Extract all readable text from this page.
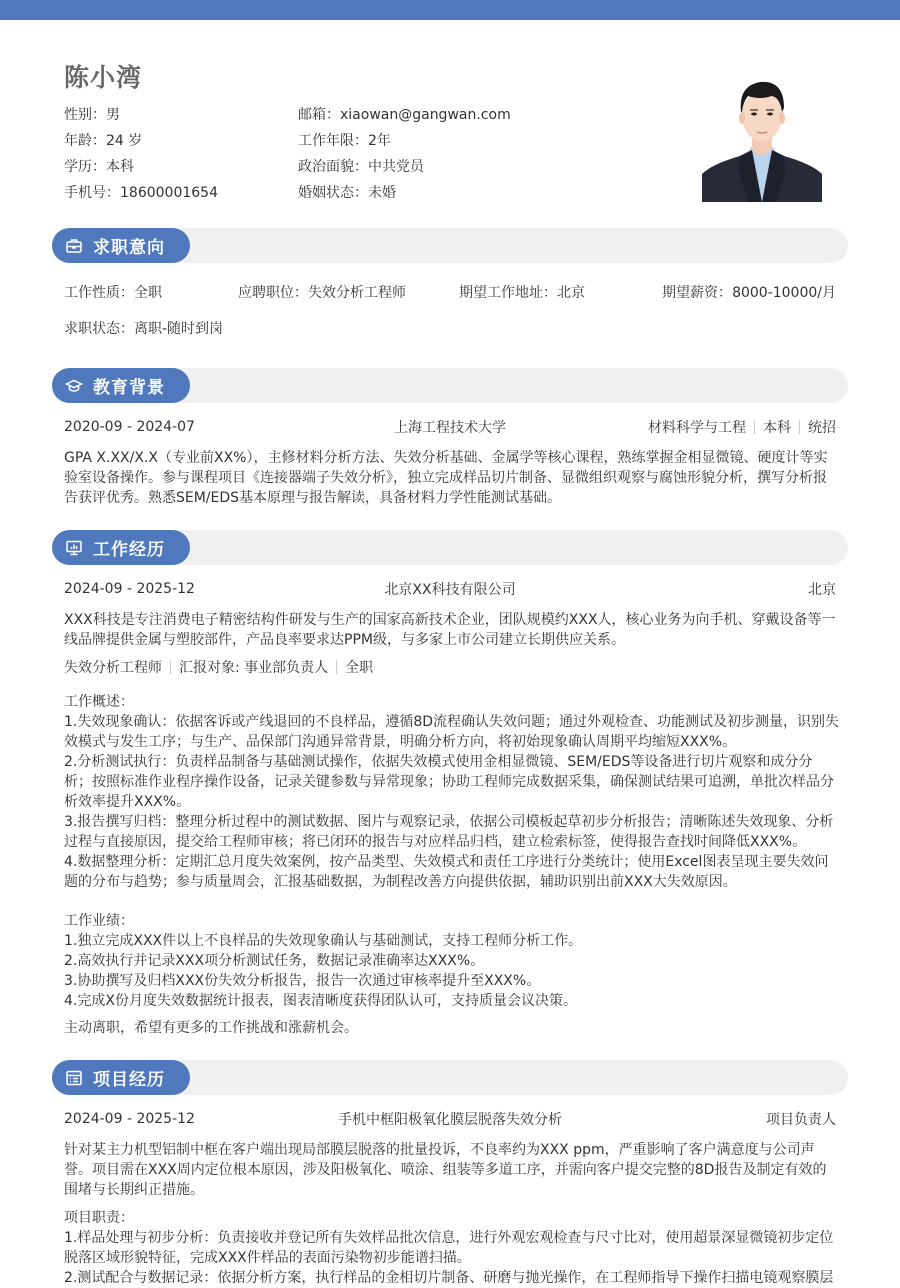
陈小湾
性别：男
年龄：24 岁
学历：本科
手机号：18600001654
邮箱：xiaowan@gangwan.com
工作年限：2年
政治面貌：中共党员
婚姻状态：未婚
求职意向
工作性质：全职	应聘职位：失效分析工程师	期望工作地址：北京	期望薪资：8000-10000/月
求职状态：离职-随时到岗
教育背景
2020-09 - 2024-07	上海工程技术大学	材料科学与工程 本科 统招
GPA X.XX/X.X（专业前XX%），主修材料分析方法、失效分析基础、金属学等核心课程，熟练掌握金相显微镜、硬度计等实验室设备操作。参与课程项目《连接器端子失效分析》，独立完成样品切片制备、显微组织观察与腐蚀形貌分析，撰写分析报告获评优秀。熟悉SEM/EDS基本原理与报告解读，具备材料力学性能测试基础。
工作经历
2024-09 - 2025-12	北京XX科技有限公司	北京
XXX科技是专注消费电子精密结构件研发与生产的国家高新技术企业，团队规模约XXX人，核心业务为向手机、穿戴设备等一线品牌提供金属与塑胶部件，产品良率要求达PPM级，与多家上市公司建立长期供应关系。
失效分析工程师 汇报对象: 事业部负责人 全职
工作概述：
1.失效现象确认：依据客诉或产线退回的不良样品，遵循8D流程确认失效问题；通过外观检查、功能测试及初步测量，识别失效模式与发生工序；与生产、品保部门沟通异常背景，明确分析方向，将初始现象确认周期平均缩短XXX%。
2.分析测试执行：负责样品制备与基础测试操作，依据失效模式使用金相显微镜、SEM/EDS等设备进行切片观察和成分分析；按照标准作业程序操作设备，记录关键参数与异常现象；协助工程师完成数据采集，确保测试结果可追溯，单批次样品分析效率提升XXX%。
3.报告撰写归档：整理分析过程中的测试数据、图片与观察记录，依据公司模板起草初步分析报告；清晰陈述失效现象、分析过程与直接原因，提交给工程师审核；将已闭环的报告与对应样品归档，建立检索标签，使得报告查找时间降低XXX%。
4.数据整理分析：定期汇总月度失效案例，按产品类型、失效模式和责任工序进行分类统计；使用Excel图表呈现主要失效问题的分布与趋势；参与质量周会，汇报基础数据，为制程改善方向提供依据，辅助识别出前XXX大失效原因。
工作业绩：
1.独立完成XXX件以上不良样品的失效现象确认与基础测试，支持工程师分析工作。
2.高效执行并记录XXX项分析测试任务，数据记录准确率达XXX%。
3.协助撰写及归档XXX份失效分析报告，报告一次通过审核率提升至XXX%。
4.完成X份月度失效数据统计报表，图表清晰度获得团队认可，支持质量会议决策。
主动离职，希望有更多的工作挑战和涨薪机会。
项目经历
2024-09 - 2025-12	手机中框阳极氧化膜层脱落失效分析	项目负责人
针对某主力机型铝制中框在客户端出现局部膜层脱落的批量投诉，不良率约为XXX ppm，严重影响了客户满意度与公司声誉。项目需在XXX周内定位根本原因，涉及阳极氧化、喷涂、组装等多道工序，并需向客户提交完整的8D报告及制定有效的围堵与长期纠正措施。
项目职责：
1.样品处理与初步分析：负责接收并登记所有失效样品批次信息，进行外观宏观检查与尺寸比对，使用超景深显微镜初步定位脱落区域形貌特征，完成XXX件样品的表面污染物初步能谱扫描。
2.测试配合与数据记录：依据分析方案，执行样品的金相切片制备、研磨与抛光操作，在工程师指导下操作扫描电镜观察膜层
